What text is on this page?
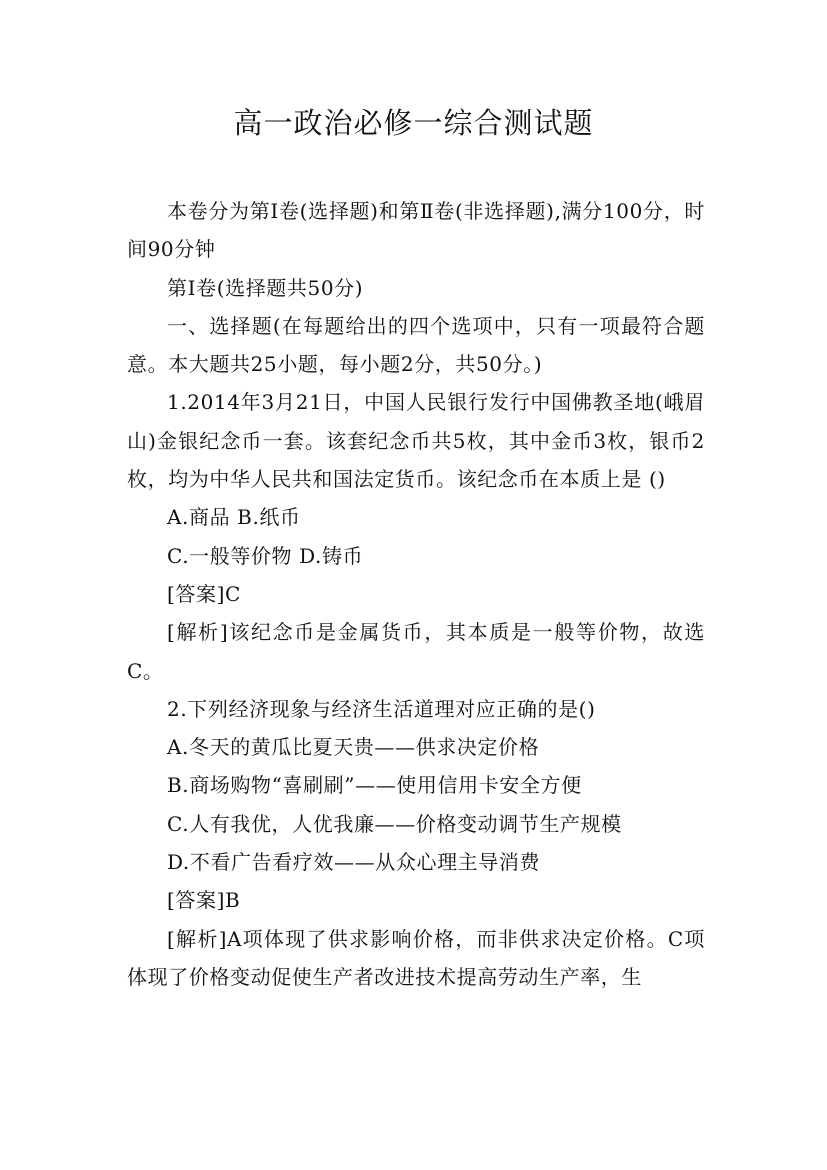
高一政治必修一综合测试题

本卷分为第Ⅰ卷(选择题)和第Ⅱ卷(非选择题),满分100分，时间90分钟

第Ⅰ卷(选择题共50分)

一、选择题(在每题给出的四个选项中，只有一项最符合题意。本大题共25小题，每小题2分，共50分。)

1.2014年3月21日，中国人民银行发行中国佛教圣地(峨眉山)金银纪念币一套。该套纪念币共5枚，其中金币3枚，银币2枚，均为中华人民共和国法定货币。该纪念币在本质上是 ()

A.商品 B.纸币

C.一般等价物 D.铸币

[答案]C

[解析]该纪念币是金属货币，其本质是一般等价物，故选C。

2.下列经济现象与经济生活道理对应正确的是()

A.冬天的黄瓜比夏天贵——供求决定价格

B.商场购物“喜刷刷”——使用信用卡安全方便

C.人有我优，人优我廉——价格变动调节生产规模

D.不看广告看疗效——从众心理主导消费

[答案]B

[解析]A项体现了供求影响价格，而非供求决定价格。C项体现了价格变动促使生产者改进技术提高劳动生产率，生
